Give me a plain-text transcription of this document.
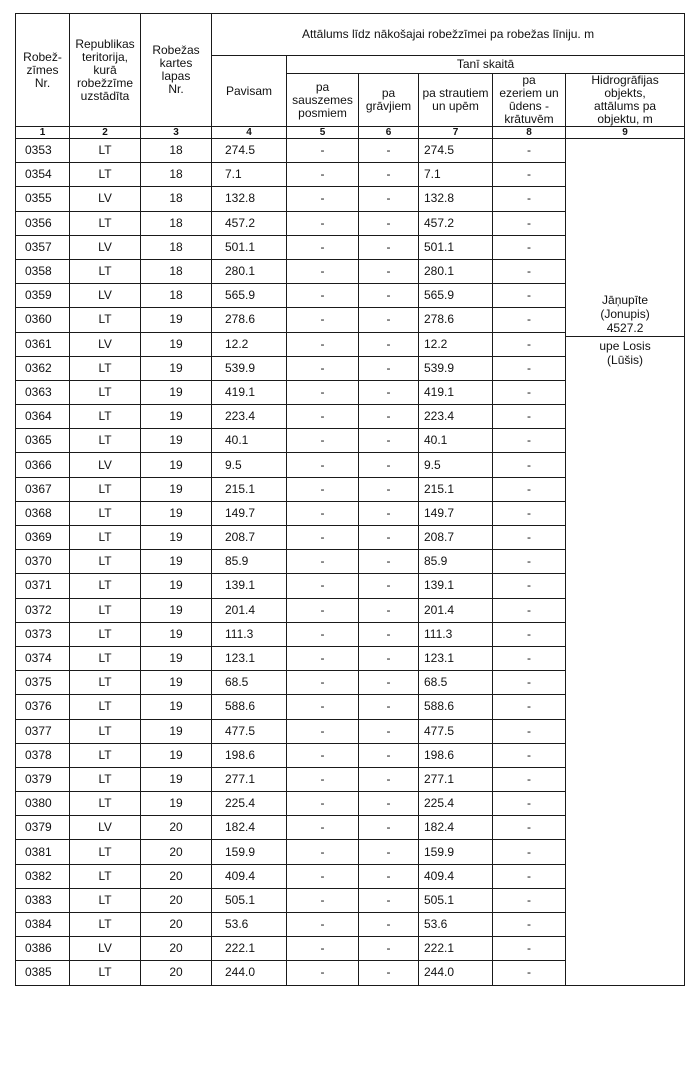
Robež-
zīmes
Nr.	Republikas
teritorija,
kurā
robežzīme
uzstādīta	Robežas
kartes
lapas
Nr.	Attālums līdz nākošajai robežzīmei pa robežas līniju. m					
			Pavisam	Tanī skaitā				
				pa
sauszemes
posmiem	pa
grāvjiem	pa strautiem
un upēm	pa
ezeriem un
ūdens -
krātuvēm	Hidrogrāfijas
objekts,
attālums pa
objektu, m
1	2	3	4	5	6	7	8	9
0353	LT	18	274.5	-	-	274.5	-	Jāņupīte
(Jonupis)
4527.2
upe Losis
(Lūšis)

0354	LT	18	7.1	-	-	7.1	-	
0355	LV	18	132.8	-	-	132.8	-	
0356	LT	18	457.2	-	-	457.2	-	
0357	LV	18	501.1	-	-	501.1	-	
0358	LT	18	280.1	-	-	280.1	-	
0359	LV	18	565.9	-	-	565.9	-	
0360	LT	19	278.6	-	-	278.6	-	
0361	LV	19	12.2	-	-	12.2	-	
0362	LT	19	539.9	-	-	539.9	-	
0363	LT	19	419.1	-	-	419.1	-	
0364	LT	19	223.4	-	-	223.4	-	
0365	LT	19	40.1	-	-	40.1	-	
0366	LV	19	9.5	-	-	9.5	-	
0367	LT	19	215.1	-	-	215.1	-	
0368	LT	19	149.7	-	-	149.7	-	
0369	LT	19	208.7	-	-	208.7	-	
0370	LT	19	85.9	-	-	85.9	-	
0371	LT	19	139.1	-	-	139.1	-	
0372	LT	19	201.4	-	-	201.4	-	
0373	LT	19	111.3	-	-	111.3	-	
0374	LT	19	123.1	-	-	123.1	-	
0375	LT	19	68.5	-	-	68.5	-	
0376	LT	19	588.6	-	-	588.6	-	
0377	LT	19	477.5	-	-	477.5	-	
0378	LT	19	198.6	-	-	198.6	-	
0379	LT	19	277.1	-	-	277.1	-	
0380	LT	19	225.4	-	-	225.4	-	
0379	LV	20	182.4	-	-	182.4	-	
0381	LT	20	159.9	-	-	159.9	-	
0382	LT	20	409.4	-	-	409.4	-	
0383	LT	20	505.1	-	-	505.1	-	
0384	LT	20	53.6	-	-	53.6	-	
0386	LV	20	222.1	-	-	222.1	-	
0385	LT	20	244.0	-	-	244.0	-	
